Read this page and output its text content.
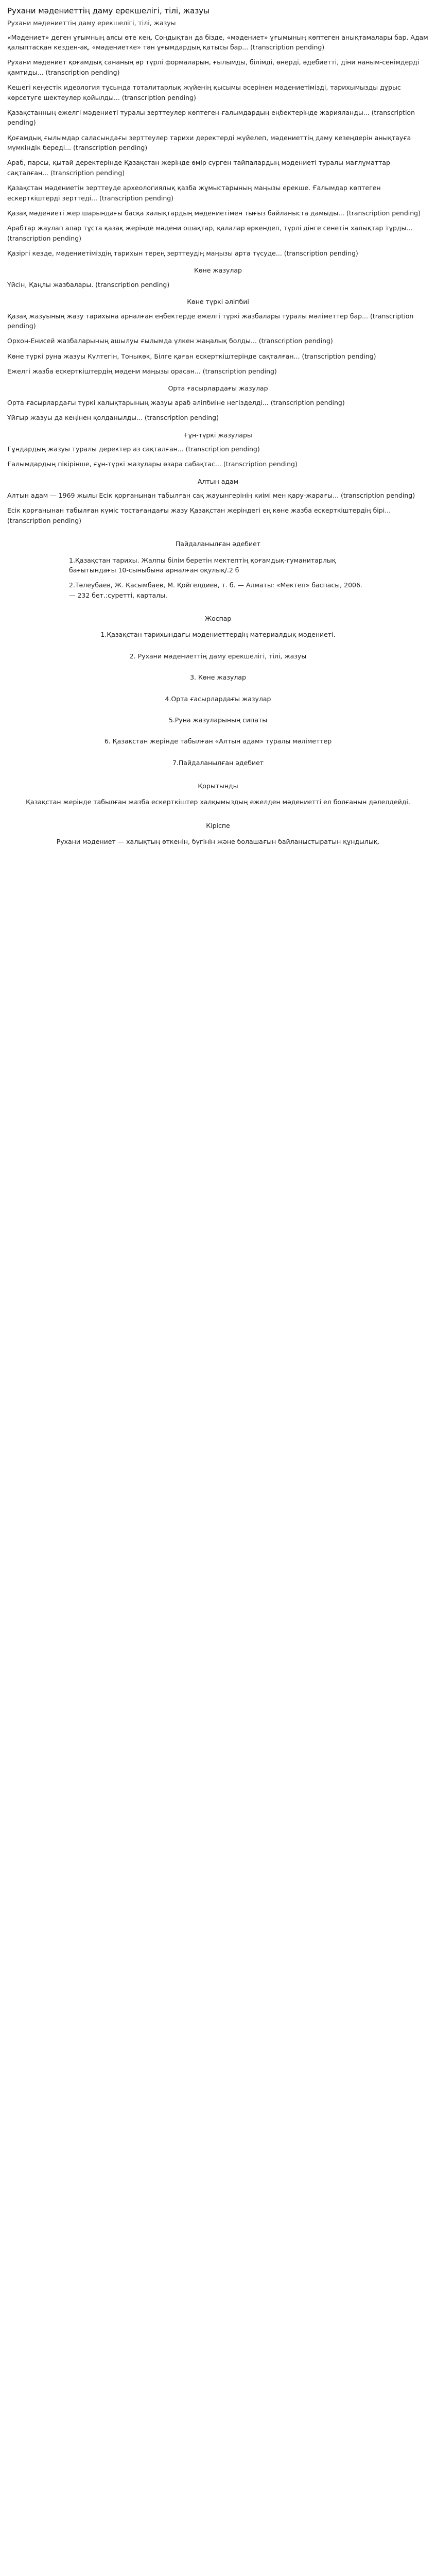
Рухани мәдениеттің даму ерекшелігі, тілі, жазуы
Рухани мәдениеттің даму ерекшелігі, тілі, жазуы

«Мәдениет» деген ұғымның аясы өте кең. Сондықтан да бізде, «мәдениет» ұғымының көптеген анықтамалары бар. Адам қалыптасқан кезден-ақ, «мәдениетке» тән ұғымдардың қатысы бар... (transcription pending)

Рухани мәдениет қоғамдық сананың әр түрлі формаларын, ғылымды, білімді, өнерді, әдебиетті, діни наным-сенімдерді қамтиды... (transcription pending)

Кешегі кеңестік идеология тұсында тоталитарлық жүйенің қысымы әсерінен мәдениетімізді, тарихымызды дұрыс көрсетуге шектеулер қойылды... (transcription pending)

Қазақстанның ежелгі мәдениеті туралы зерттеулер көптеген ғалымдардың еңбектерінде жарияланды... (transcription pending)

Қоғамдық ғылымдар саласындағы зерттеулер тарихи деректерді жүйелеп, мәдениеттің даму кезеңдерін анықтауға мүмкіндік береді... (transcription pending)

Араб, парсы, қытай деректерінде Қазақстан жерінде өмір сүрген тайпалардың мәдениеті туралы мағлұматтар сақталған... (transcription pending)

Қазақстан мәдениетін зерттеуде археологиялық қазба жұмыстарының маңызы ерекше. Ғалымдар көптеген ескерткіштерді зерттеді... (transcription pending)

Қазақ мәдениеті жер шарындағы басқа халықтардың мәдениетімен тығыз байланыста дамыды... (transcription pending)

Арабтар жаулап алар тұста қазақ жерінде мәдени ошақтар, қалалар өркендеп, түрлі дінге сенетін халықтар тұрды... (transcription pending)

Қазіргі кезде, мәдениетіміздің тарихын терең зерттеудің маңызы арта түсуде... (transcription pending)

Көне жазулар

Үйсін, Қаңлы жазбалары. (transcription pending)

Көне түркі әліпбиі

Қазақ жазуының жазу тарихына арналған еңбектерде ежелгі түркі жазбалары туралы мәліметтер бар... (transcription pending)

Орхон-Енисей жазбаларының ашылуы ғылымда үлкен жаңалық болды... (transcription pending)

Көне түркі руна жазуы Күлтегін, Тоныкөк, Білге қаған ескерткіштерінде сақталған... (transcription pending)

Ежелгі жазба ескерткіштердің мәдени маңызы орасан... (transcription pending)

Орта ғасырлардағы жазулар

Орта ғасырлардағы түркі халықтарының жазуы араб әліпбиіне негізделді... (transcription pending)

Ұйғыр жазуы да кеңінен қолданылды... (transcription pending)

Ғұн-түркі жазулары

Ғұндардың жазуы туралы деректер аз сақталған... (transcription pending)

Ғалымдардың пікірінше, ғұн-түркі жазулары өзара сабақтас... (transcription pending)

Алтын адам

Алтын адам — 1969 жылы Есік қорғанынан табылған сақ жауынгерінің киімі мен қару-жарағы... (transcription pending)

Есік қорғанынан табылған күміс тостағандағы жазу Қазақстан жеріндегі ең көне жазба ескерткіштердің бірі... (transcription pending)

Пайдаланылған әдебиет
1.Қазақстан тарихы. Жалпы білім беретін мектептің қоғамдық-гуманитарлық бағытындағы 10-сыныбына арналған оқулық/.2 б
2.Тәлеубаев, Ж. Қасымбаев, М. Қойгелдиев, т. б. — Алматы: «Мектеп» баспасы, 2006. — 232 бет.:суретті, карталы.
Жоспар
1.Қазақстан тарихындағы мәдениеттердің материалдық мәдениеті.
2. Рухани мәдениеттің даму ерекшелігі, тілі, жазуы
3. Көне жазулар
4.Орта ғасырлардағы жазулар
5.Руна жазуларының сипаты
6. Қазақстан жерінде табылған «Алтын адам» туралы мәліметтер
7.Пайдаланылған әдебиет
Қорытынды
Қазақстан жерінде табылған жазба ескерткіштер халқымыздың ежелден мәдениетті ел болғанын дәлелдейді.
Кіріспе
Рухани мәдениет — халықтың өткенін, бүгінін және болашағын байланыстыратын құндылық.
